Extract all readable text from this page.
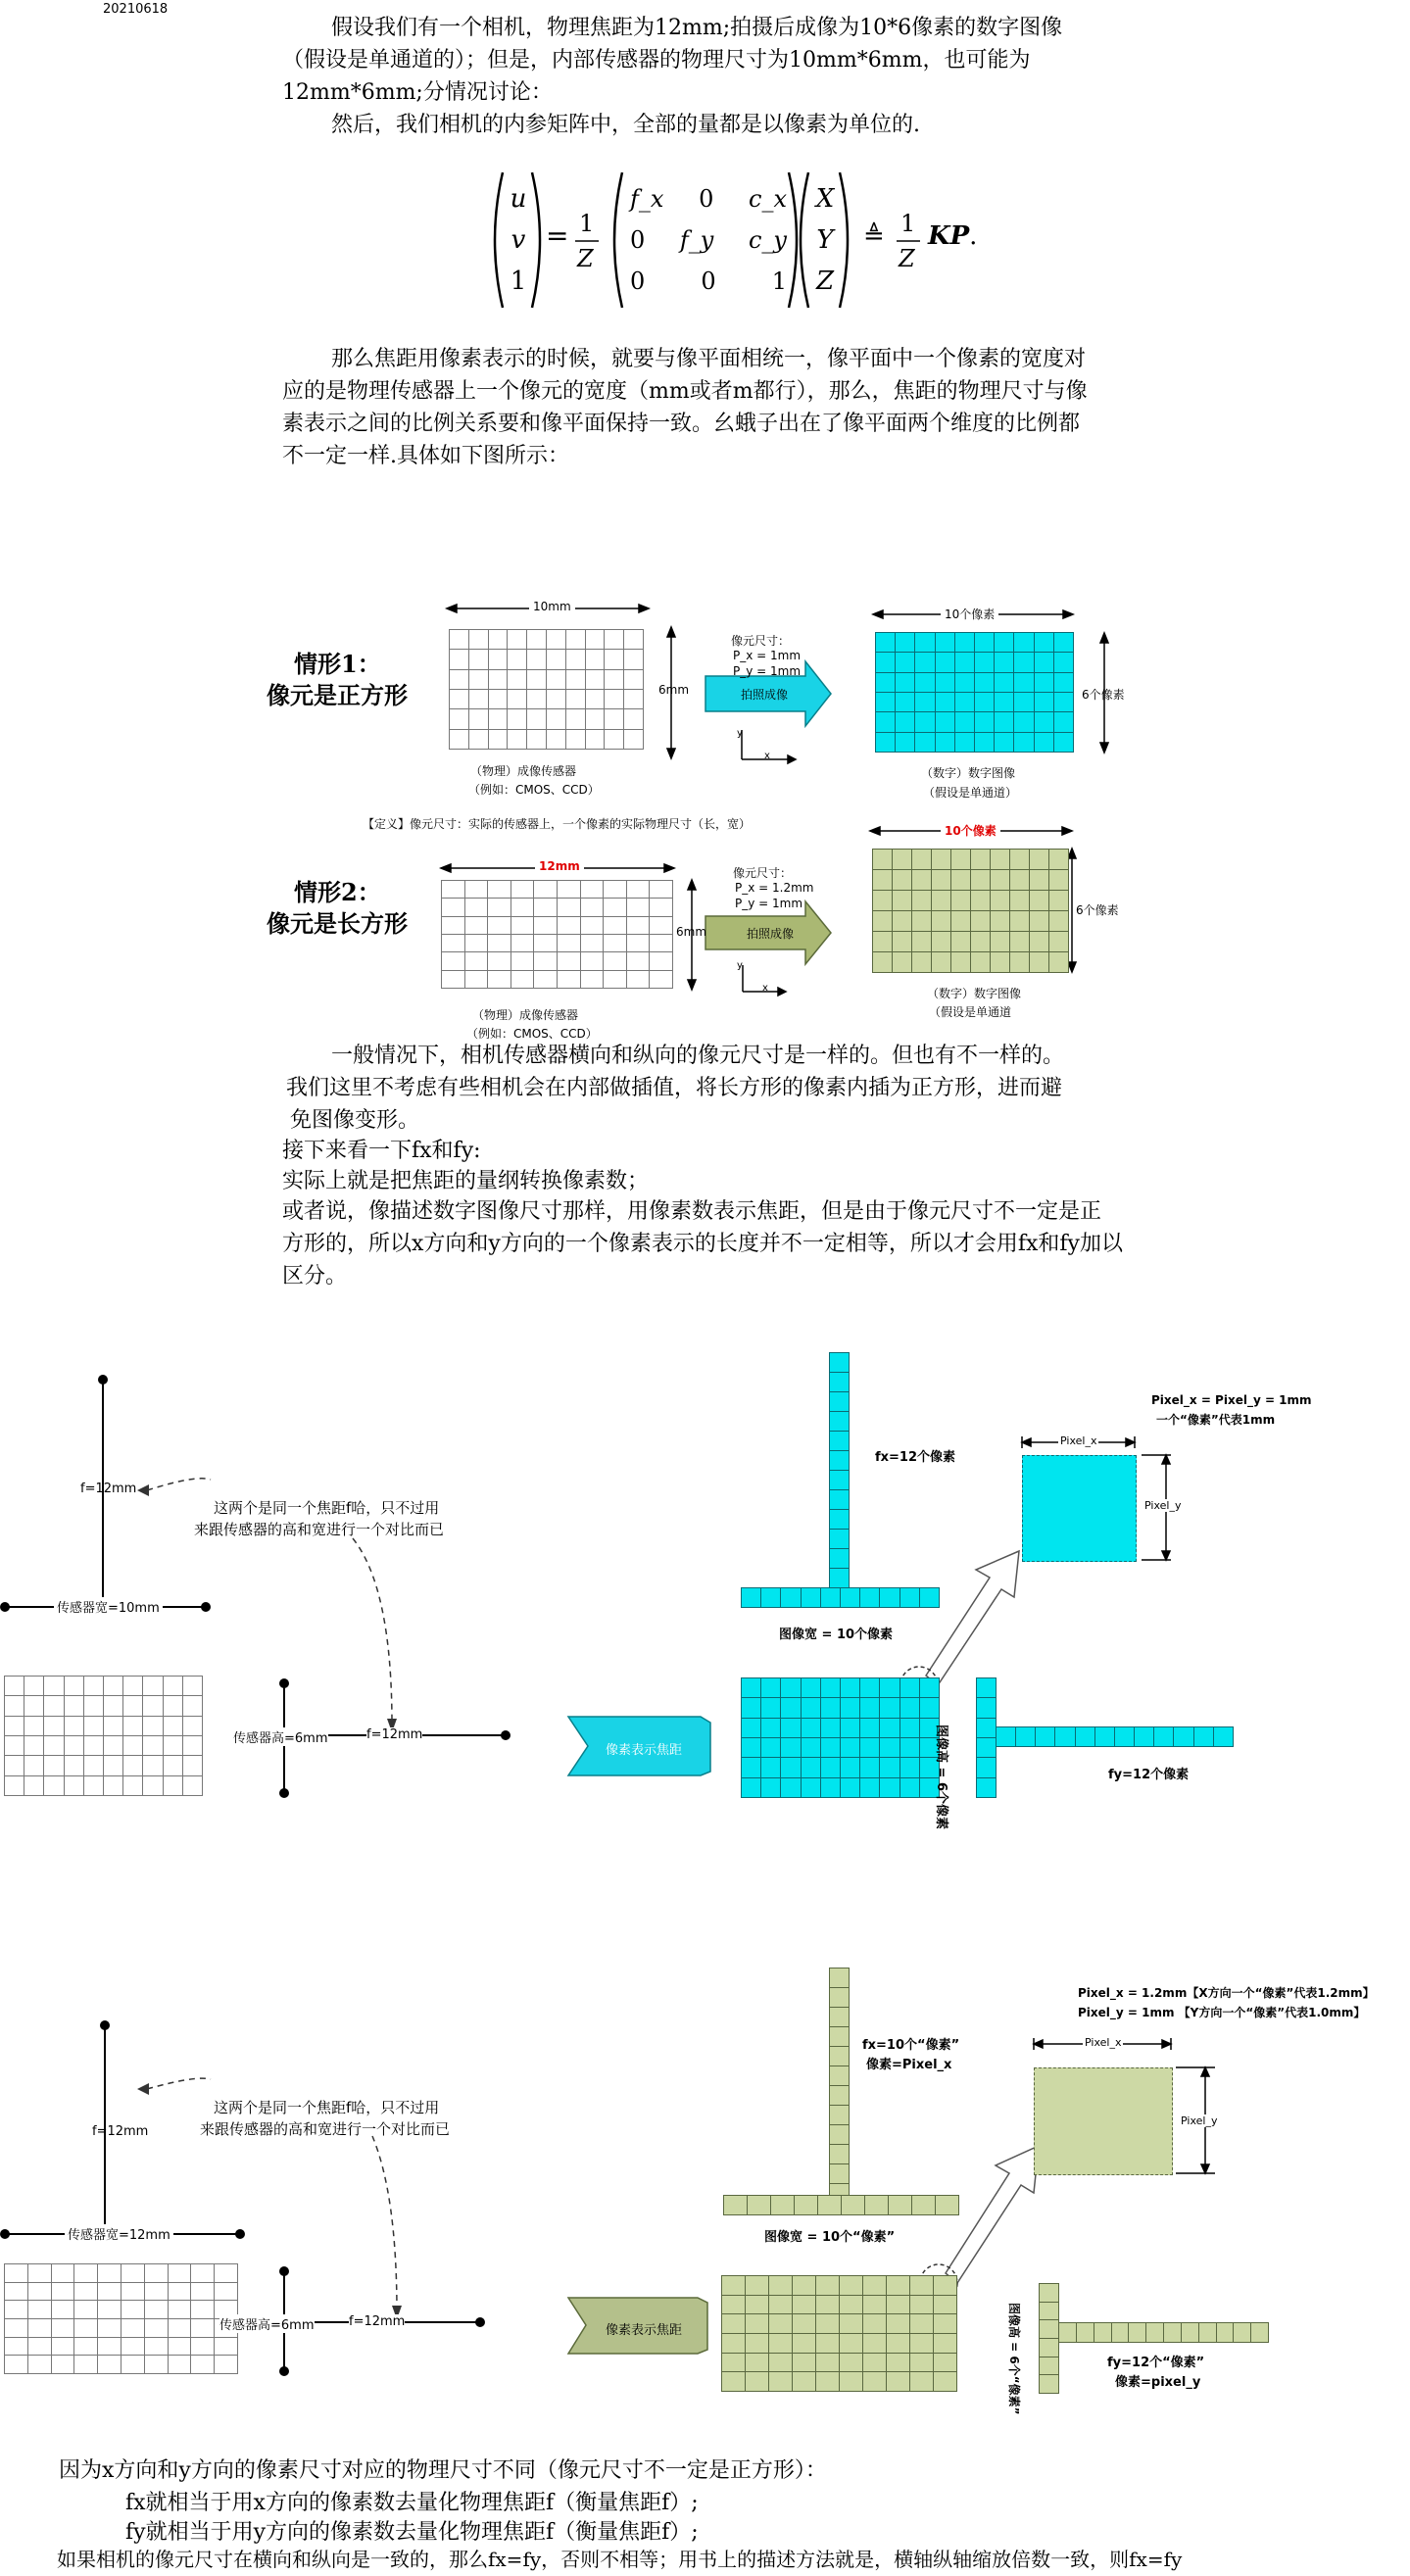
20210618
假设我们有一个相机，物理焦距为12mm;拍摄后成像为10*6像素的数字图像
（假设是单通道的）；但是，内部传感器的物理尺寸为10mm*6mm，也可能为
12mm*6mm;分情况讨论：
然后，我们相机的内参矩阵中，全部的量都是以像素为单位的.
u
v
1
= 1
Z
f_x 0 c_x
0 f_y c_y
0 0 1
X
Y
Z
≜ 1
Z
KP.
那么焦距用像素表示的时候，就要与像平面相统一，像平面中一个像素的宽度对
应的是物理传感器上一个像元的宽度（mm或者m都行），那么，焦距的物理尺寸与像
素表示之间的比例关系要和像平面保持一致。幺蛾子出在了像平面两个维度的比例都
不一定一样.具体如下图所示：
情形1：
像元是正方形
10mm
6mm
（物理）成像传感器
（例如：CMOS、CCD）
像元尺寸：
P_x = 1mm
P_y = 1mm
拍照成像
y
x
10个像素
6个像素
（数字）数字图像
（假设是单通道）
【定义】像元尺寸：实际的传感器上，一个像素的实际物理尺寸（长，宽）
情形2：
像元是长方形
12mm
6mm
（物理）成像传感器
（例如：CMOS、CCD）
像元尺寸：
P_x = 1.2mm
P_y = 1mm
拍照成像
y
x
10个像素
6个像素
（数字）数字图像
（假设是单通道
一般情况下，相机传感器横向和纵向的像元尺寸是一样的。但也有不一样的。
我们这里不考虑有些相机会在内部做插值，将长方形的像素内插为正方形，进而避
免图像变形。
接下来看一下fx和fy:
实际上就是把焦距的量纲转换像素数；
或者说，像描述数字图像尺寸那样，用像素数表示焦距，但是由于像元尺寸不一定是正
方形的，所以x方向和y方向的一个像素表示的长度并不一定相等，所以才会用fx和fy加以
区分。
f=12mm
这两个是同一个焦距f哈，只不过用
来跟传感器的高和宽进行一个对比而已
传感器宽=10mm
传感器高=6mm	f=12mm
像素表示焦距
fx=12个像素
图像宽 = 10个像素
图像高 = 6个像素	fy=12个像素
Pixel_x = Pixel_y = 1mm
一个“像素”代表1mm
Pixel_x
Pixel_y
f=12mm
这两个是同一个焦距f哈，只不过用
来跟传感器的高和宽进行一个对比而已
传感器宽=12mm
传感器高=6mm	f=12mm
像素表示焦距
fx=10个“像素”
像素=Pixel_x
图像宽 = 10个“像素”
图像高 = 6个“像素”	fy=12个“像素”
像素=pixel_y
Pixel_x = 1.2mm【X方向一个“像素”代表1.2mm】
Pixel_y = 1mm 【Y方向一个“像素”代表1.0mm】
Pixel_x
Pixel_y
因为x方向和y方向的像素尺寸对应的物理尺寸不同（像元尺寸不一定是正方形）：
fx就相当于用x方向的像素数去量化物理焦距f（衡量焦距f）;
fy就相当于用y方向的像素数去量化物理焦距f（衡量焦距f）;
如果相机的像元尺寸在横向和纵向是一致的，那么fx=fy，否则不相等；用书上的描述方法就是，横轴纵轴缩放倍数一致，则fx=fy
